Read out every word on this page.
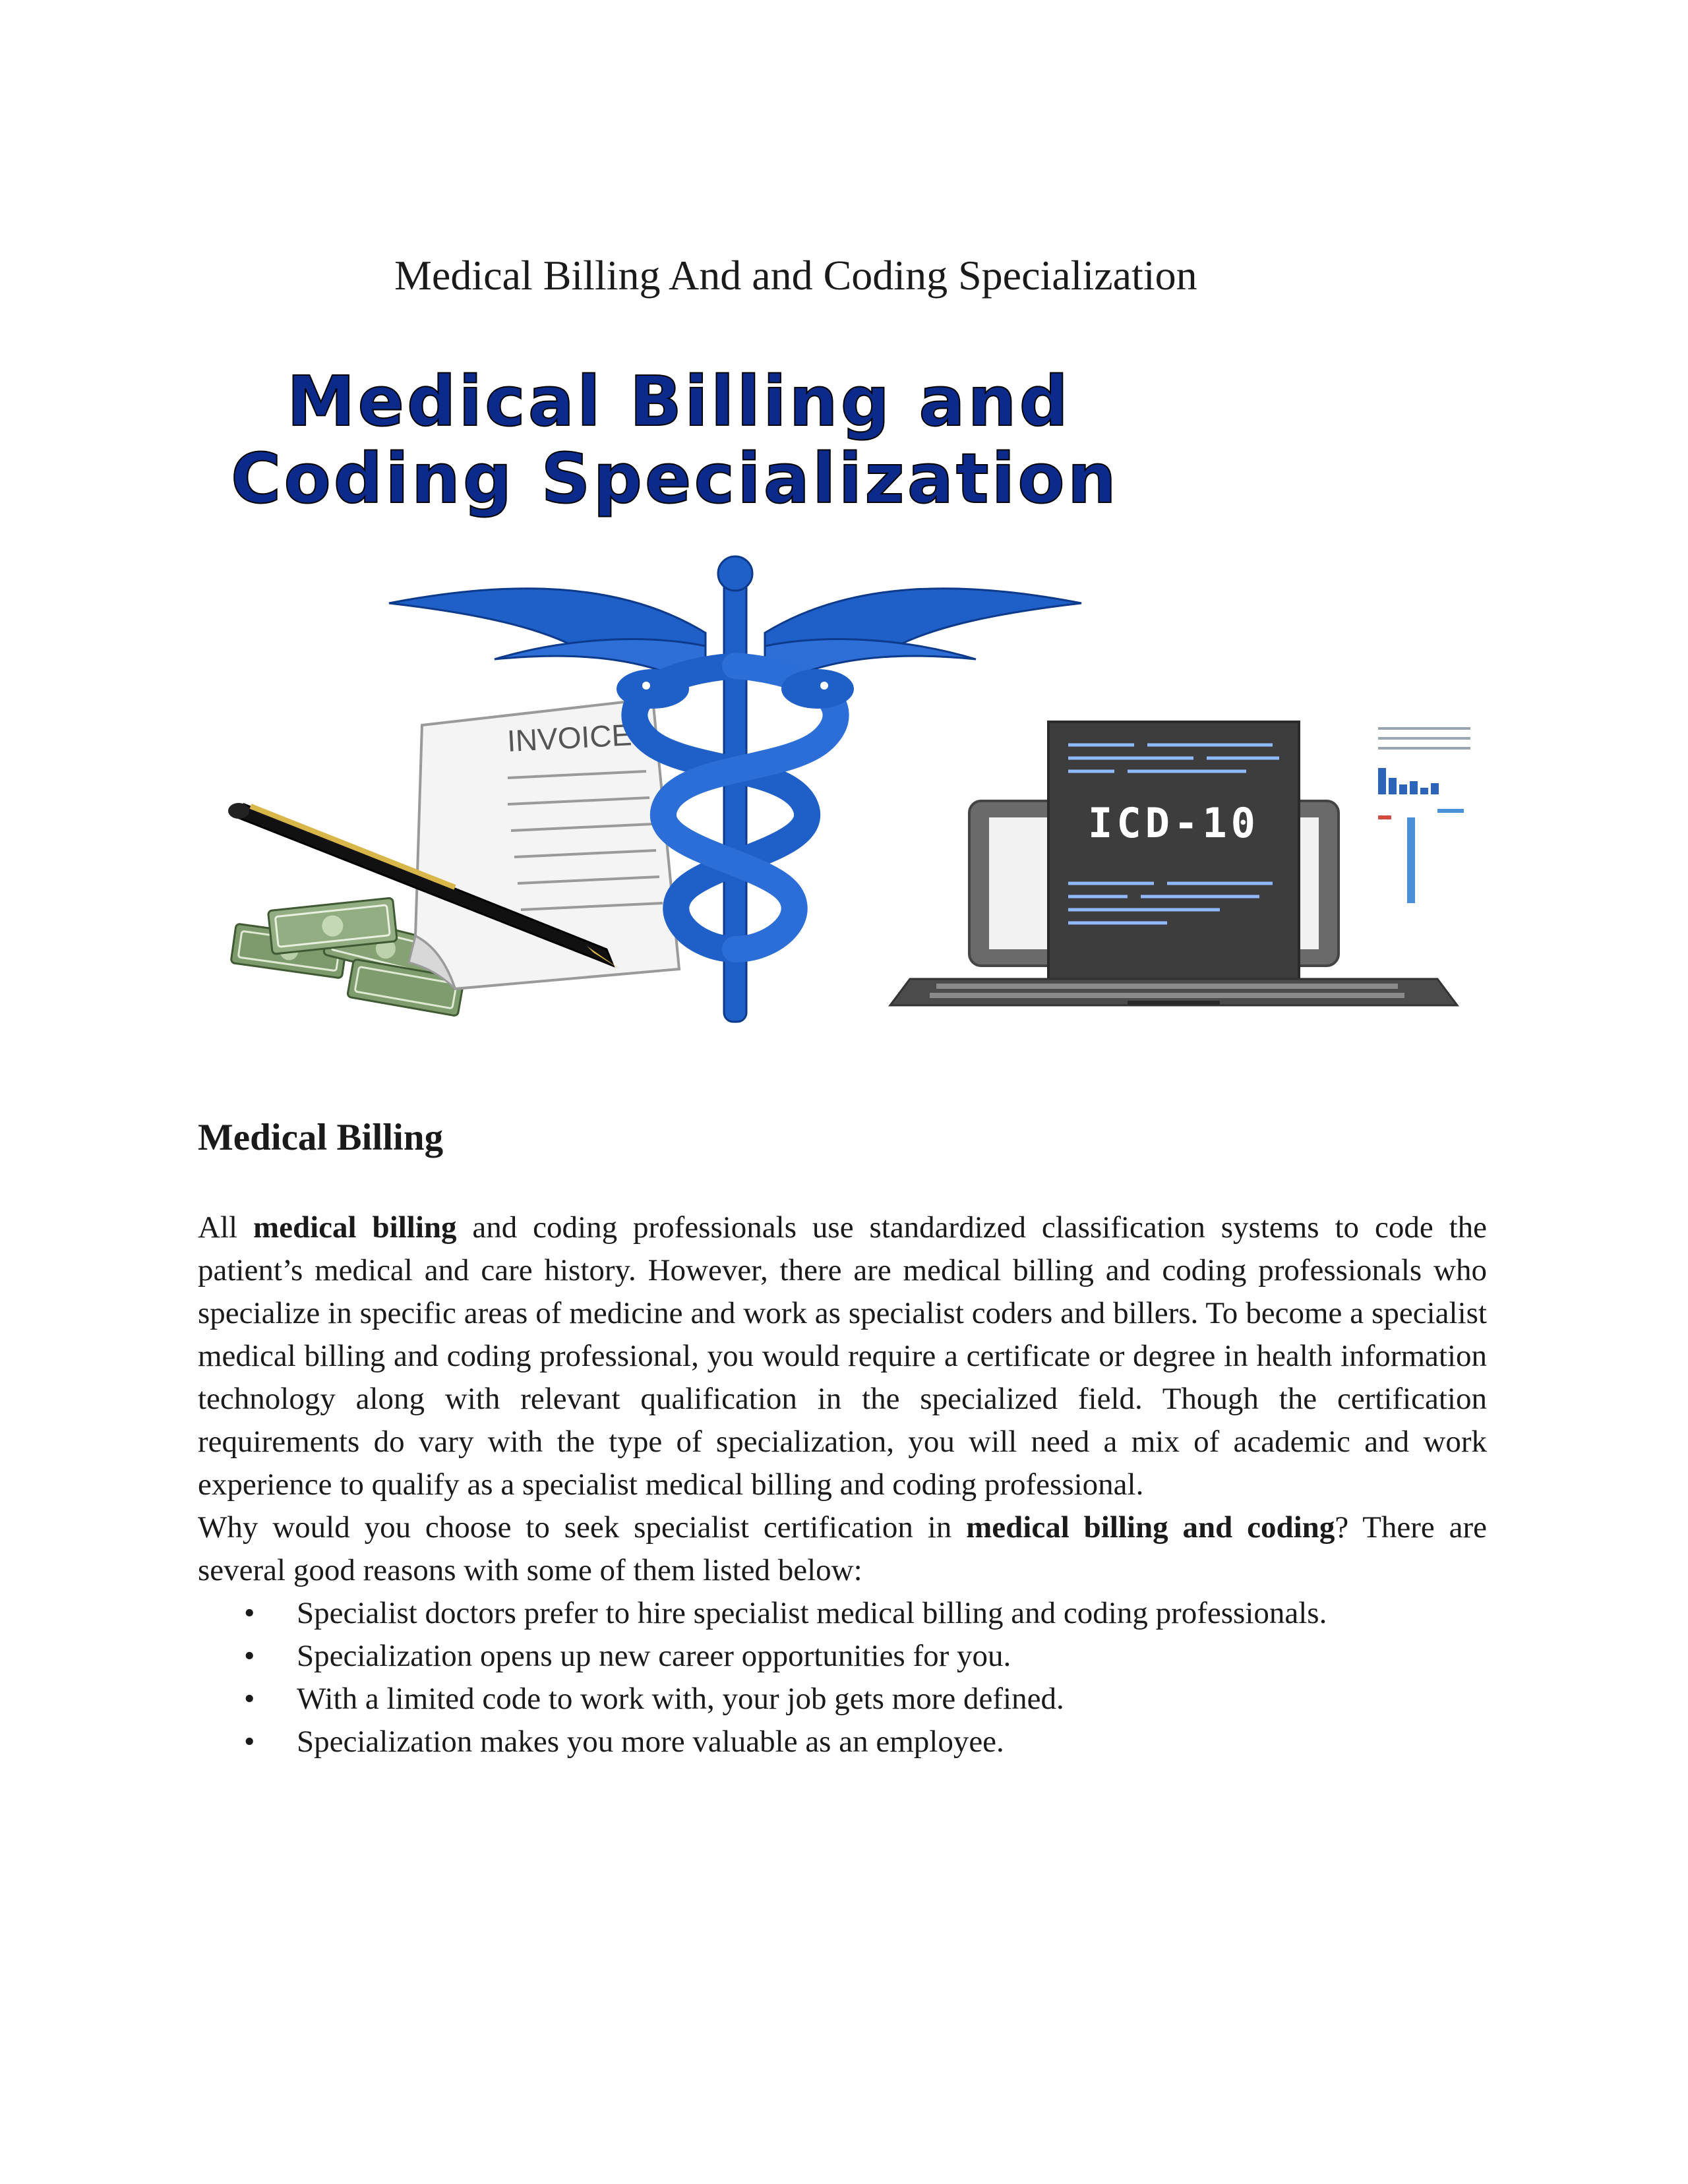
Medical Billing And and Coding Specialization
Medical Billing and
Coding Specialization
INVOICE
ICD-10
Medical Billing

All medical billing and coding professionals use standardized classification systems to code the patient’s medical and care history. However, there are medical billing and coding professionals who specialize in specific areas of medicine and work as specialist coders and billers. To become a specialist medical billing and coding professional, you would require a certificate or degree in health information technology along with relevant qualification in the specialized field. Though the certification requirements do vary with the type of specialization, you will need a mix of academic and work experience to qualify as a specialist medical billing and coding professional.

Why would you choose to seek specialist certification in medical billing and coding? There are several good reasons with some of them listed below:

• Specialist doctors prefer to hire specialist medical billing and coding professionals.
• Specialization opens up new career opportunities for you.
• With a limited code to work with, your job gets more defined.
• Specialization makes you more valuable as an employee.
